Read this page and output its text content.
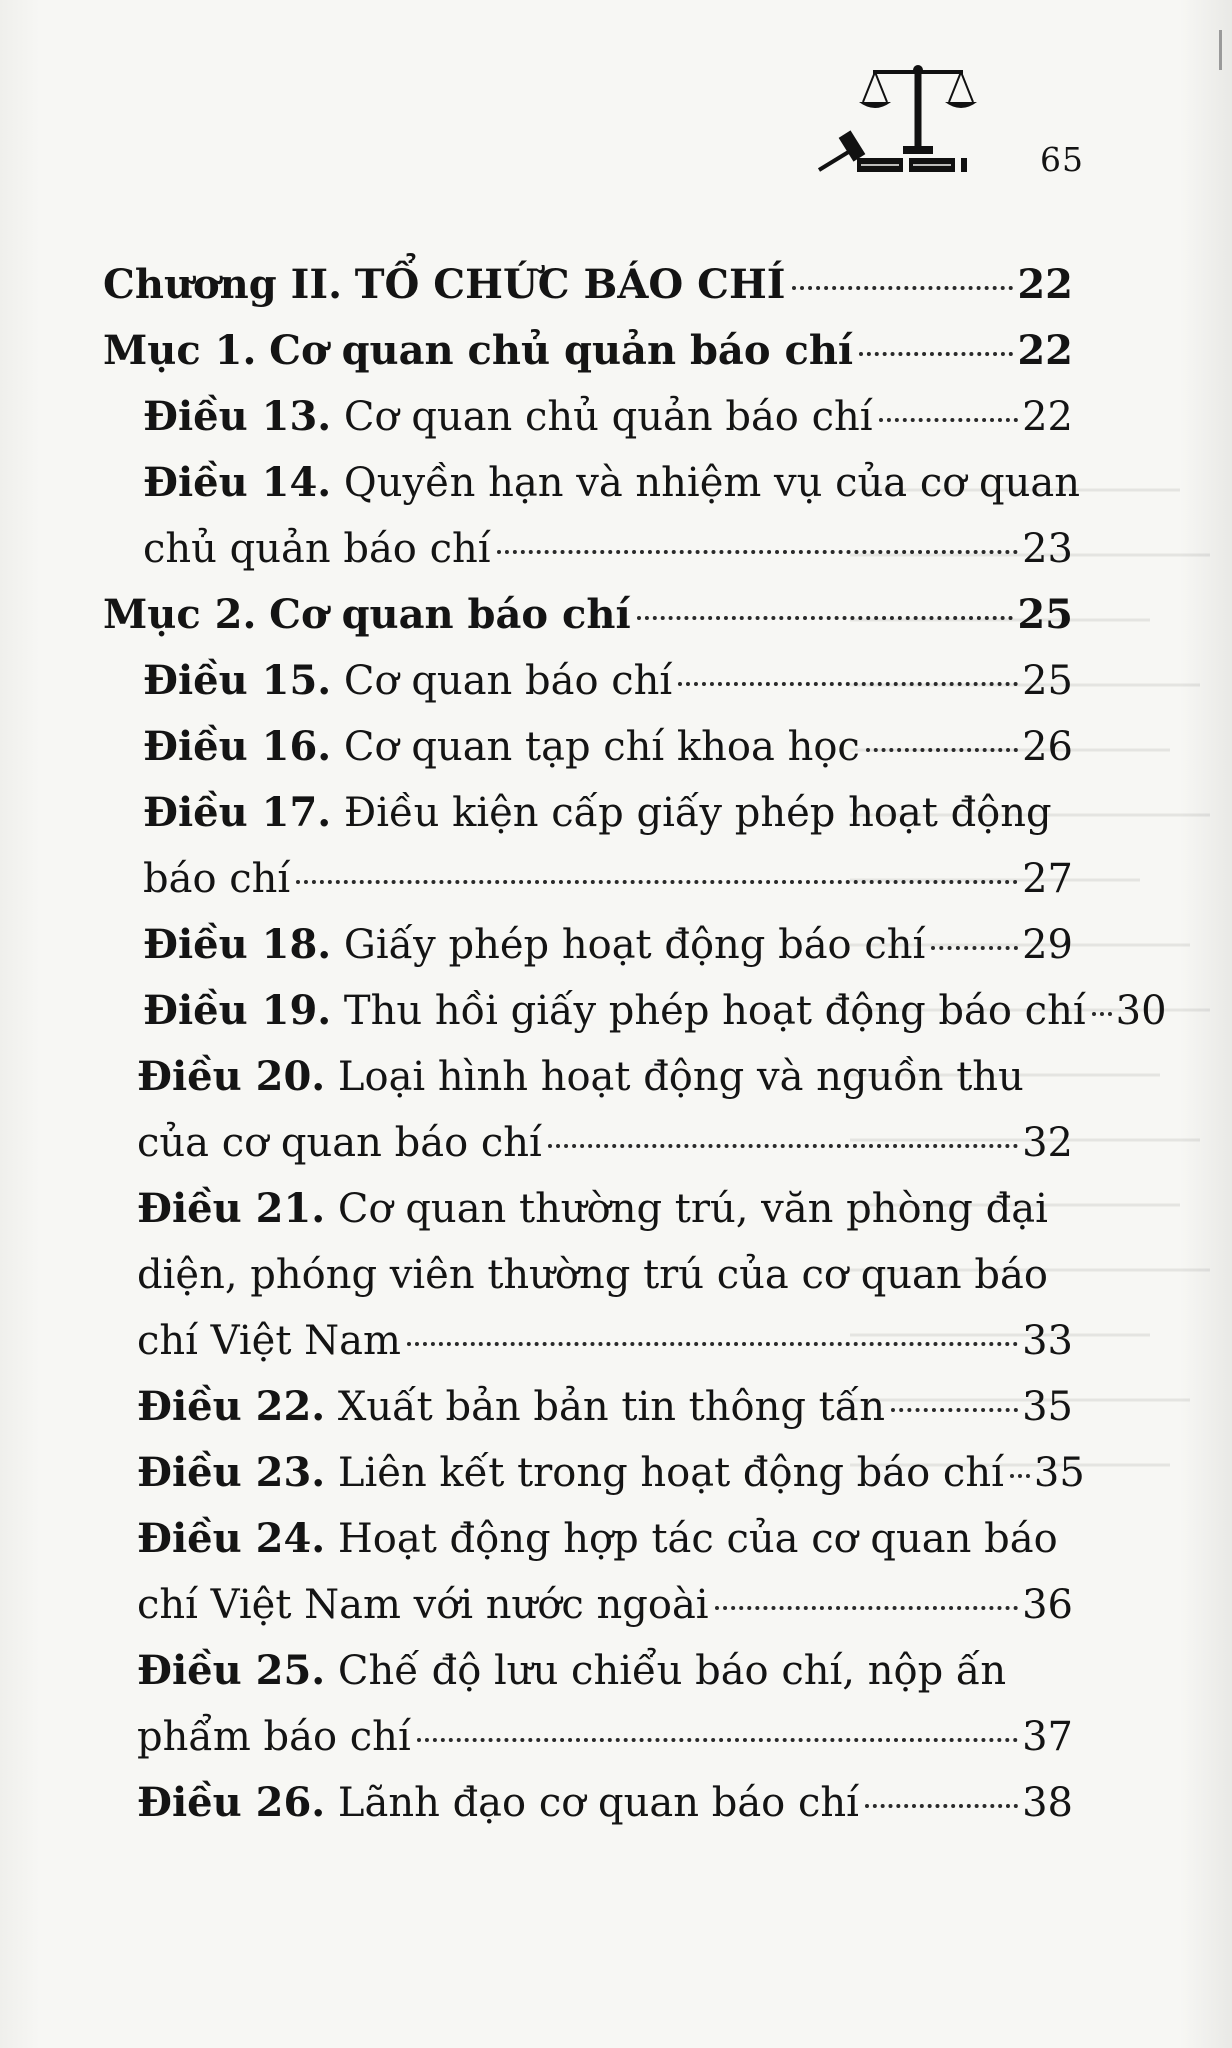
65
Chương II. TỔ CHỨC BÁO CHÍ	22
Mục 1. Cơ quan chủ quản báo chí	22
Điều 13. Cơ quan chủ quản báo chí	22
Điều 14. Quyền hạn và nhiệm vụ của cơ quan
chủ quản báo chí	23
Mục 2. Cơ quan báo chí	25
Điều 15. Cơ quan báo chí	25
Điều 16. Cơ quan tạp chí khoa học	26
Điều 17. Điều kiện cấp giấy phép hoạt động
báo chí	27
Điều 18. Giấy phép hoạt động báo chí 29
Điều 19. Thu hồi giấy phép hoạt động báo chí 30
Điều 20. Loại hình hoạt động và nguồn thu
của cơ quan báo chí	32
Điều 21. Cơ quan thường trú, văn phòng đại
diện, phóng viên thường trú của cơ quan báo
chí Việt Nam	33
Điều 22. Xuất bản bản tin thông tấn	35
Điều 23. Liên kết trong hoạt động báo chí 35
Điều 24. Hoạt động hợp tác của cơ quan báo
chí Việt Nam với nước ngoài	36
Điều 25. Chế độ lưu chiểu báo chí, nộp ấn
phẩm báo chí	37
Điều 26. Lãnh đạo cơ quan báo chí	38
